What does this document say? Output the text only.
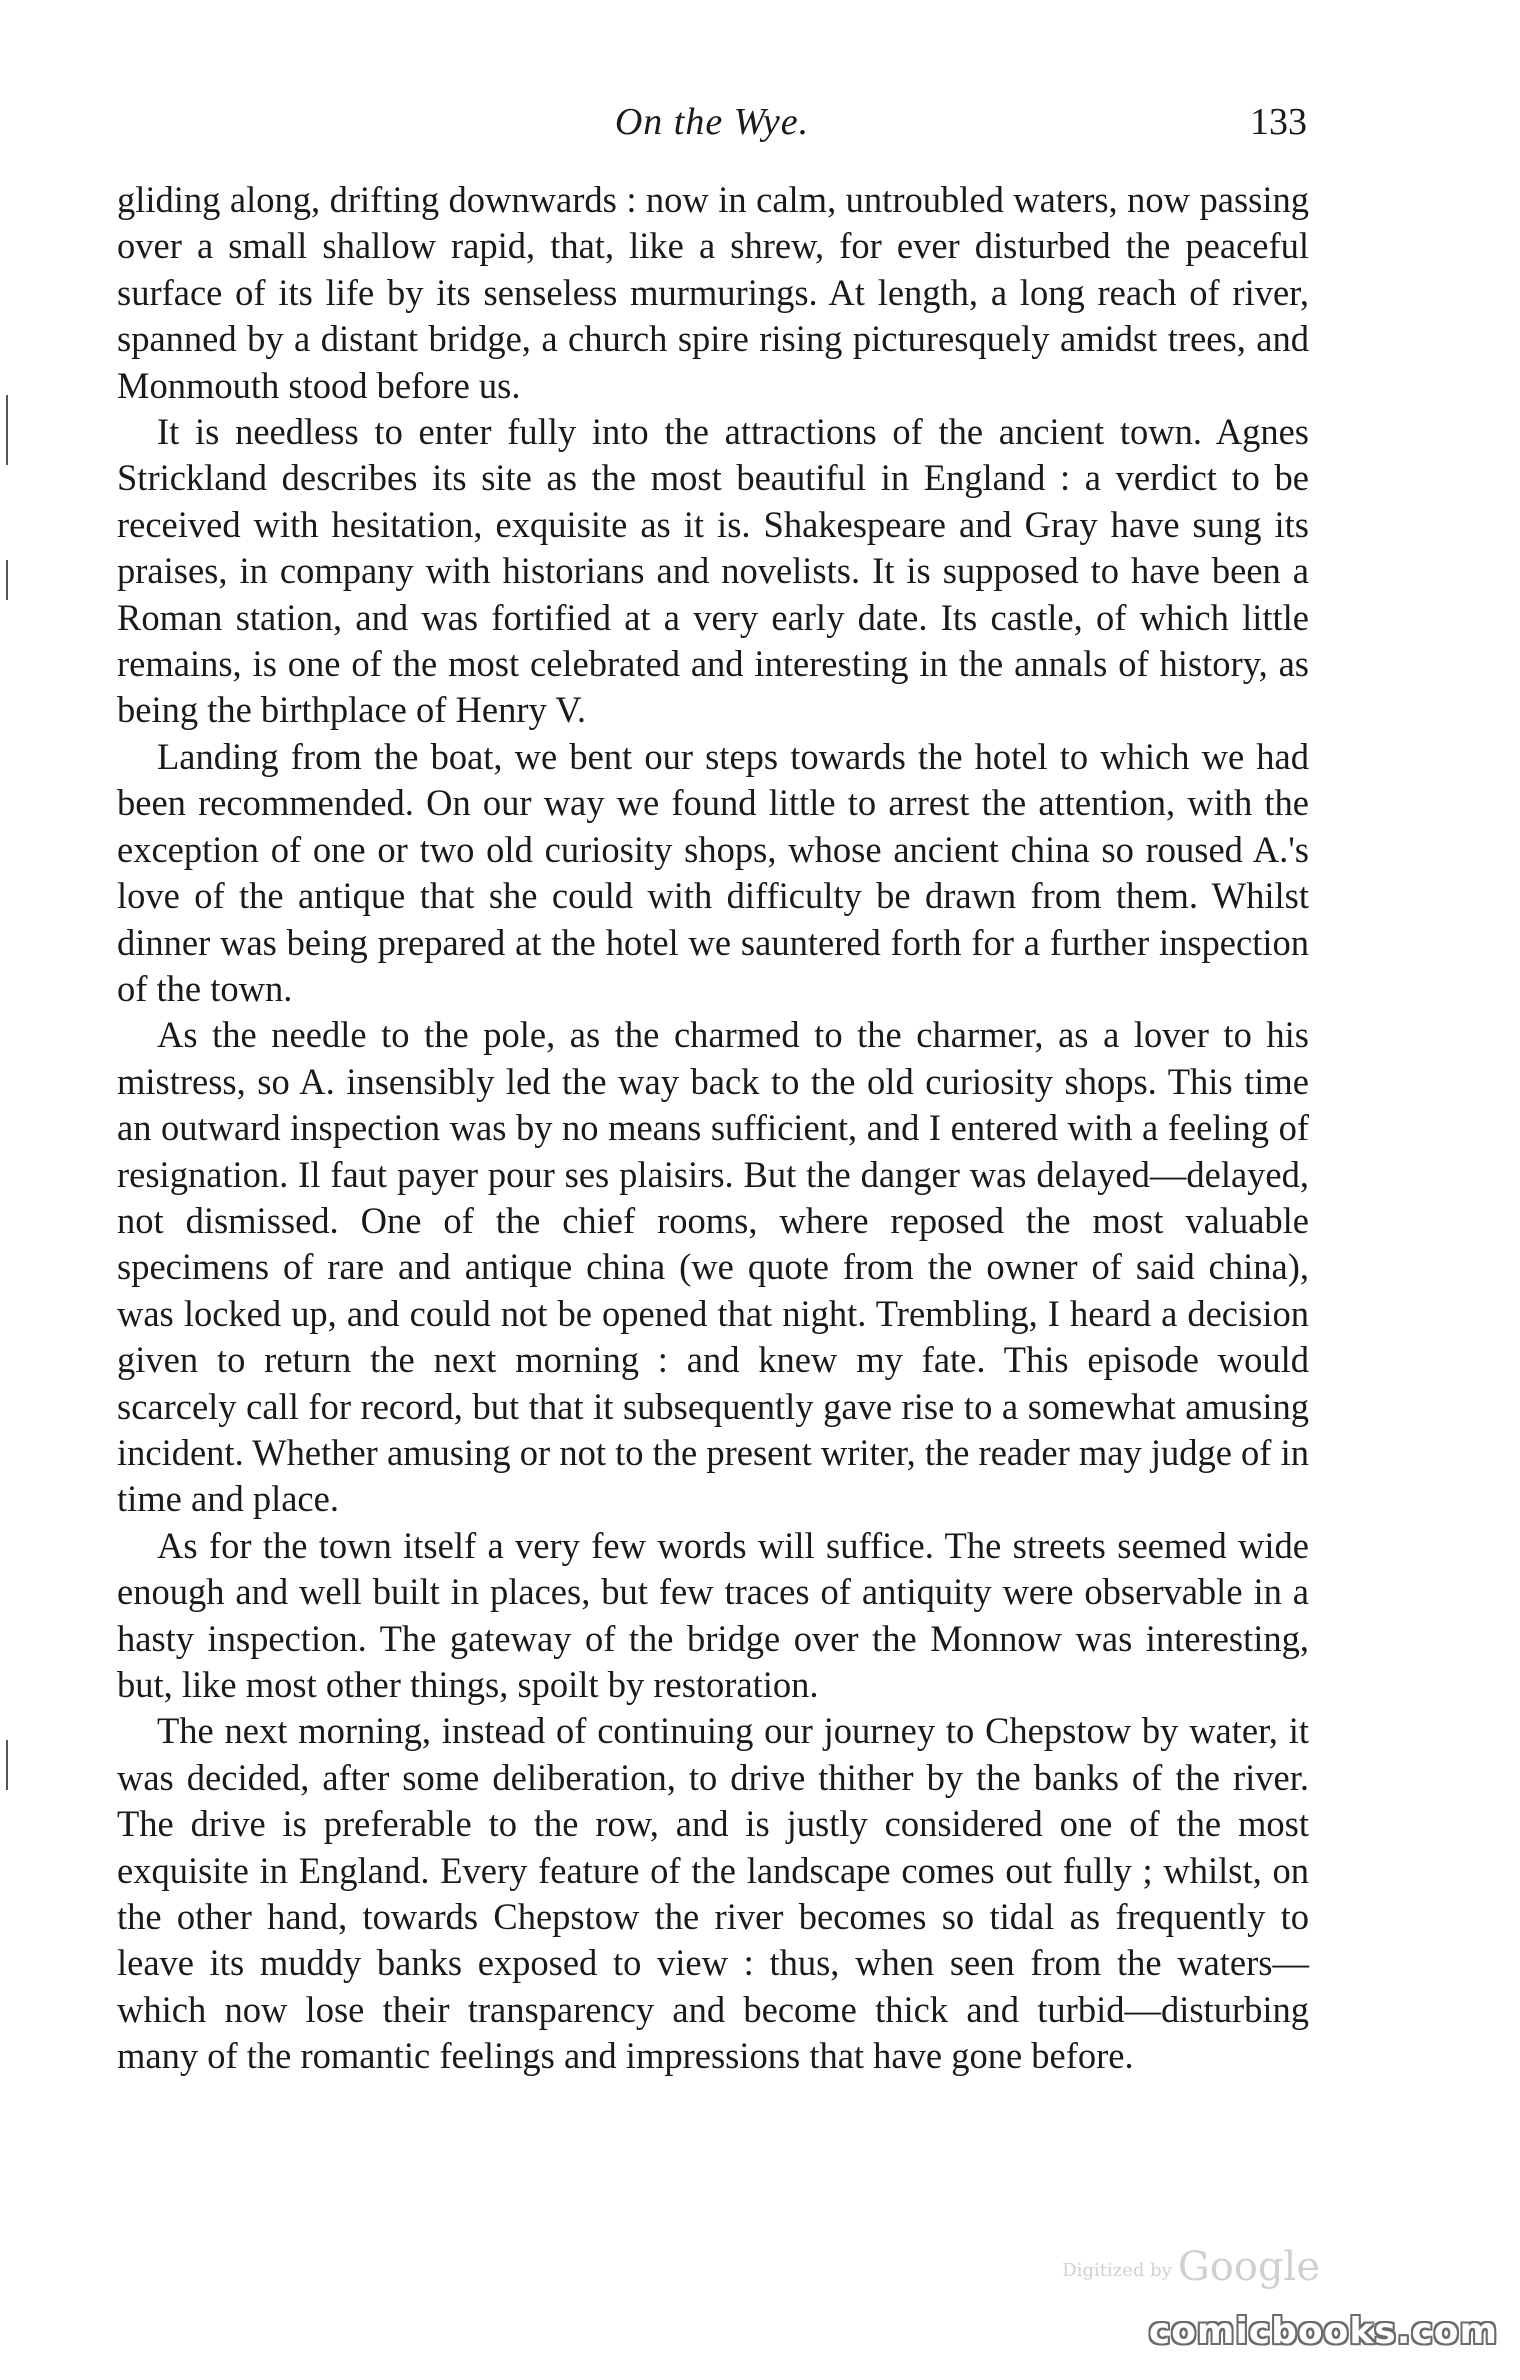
On the Wye.	133

gliding along, drifting downwards : now in calm, untroubled waters, now passing over a small shallow rapid, that, like a shrew, for ever disturbed the peaceful surface of its life by its senseless murmurings. At length, a long reach of river, spanned by a distant bridge, a church spire rising picturesquely amidst trees, and Monmouth stood before us.

It is needless to enter fully into the attractions of the ancient town. Agnes Strickland describes its site as the most beautiful in England : a verdict to be received with hesitation, exquisite as it is. Shakespeare and Gray have sung its praises, in company with historians and novelists. It is supposed to have been a Roman station, and was fortified at a very early date. Its castle, of which little remains, is one of the most celebrated and interesting in the annals of history, as being the birthplace of Henry V.

Landing from the boat, we bent our steps towards the hotel to which we had been recommended. On our way we found little to arrest the attention, with the exception of one or two old curiosity shops, whose ancient china so roused A.'s love of the antique that she could with difficulty be drawn from them. Whilst dinner was being prepared at the hotel we sauntered forth for a further inspection of the town.

As the needle to the pole, as the charmed to the charmer, as a lover to his mistress, so A. insensibly led the way back to the old curiosity shops. This time an outward inspection was by no means sufficient, and I entered with a feeling of resignation. Il faut payer pour ses plaisirs. But the danger was delayed—delayed, not dismissed. One of the chief rooms, where reposed the most valuable specimens of rare and antique china (we quote from the owner of said china), was locked up, and could not be opened that night. Trembling, I heard a decision given to return the next morning : and knew my fate. This episode would scarcely call for record, but that it subsequently gave rise to a somewhat amusing incident. Whether amusing or not to the present writer, the reader may judge of in time and place.

As for the town itself a very few words will suffice. The streets seemed wide enough and well built in places, but few traces of antiquity were observable in a hasty inspection. The gateway of the bridge over the Monnow was interesting, but, like most other things, spoilt by restoration.

The next morning, instead of continuing our journey to Chepstow by water, it was decided, after some deliberation, to drive thither by the banks of the river. The drive is preferable to the row, and is justly considered one of the most exquisite in England. Every feature of the landscape comes out fully ; whilst, on the other hand, towards Chepstow the river becomes so tidal as frequently to leave its muddy banks exposed to view : thus, when seen from the waters—which now lose their transparency and become thick and turbid—disturbing many of the romantic feelings and impressions that have gone before.

Digitized by Google
comicbooks.com
